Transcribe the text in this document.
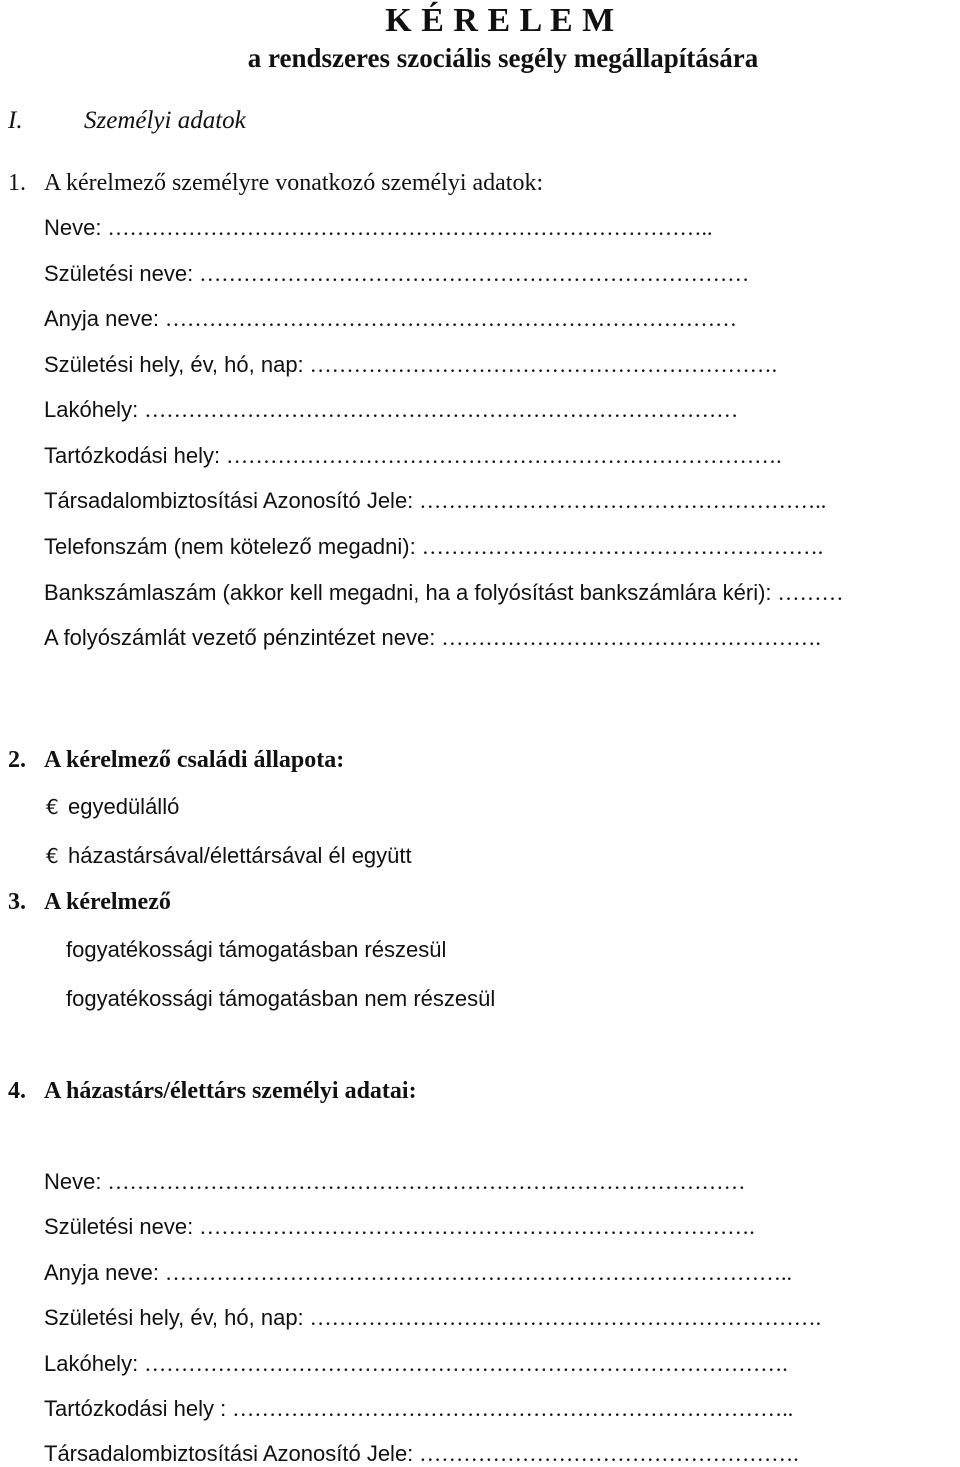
K É R E L E M
a rendszeres szociális segély megállapítására
I. Személyi adatok
1. A kérelmező személyre vonatkozó személyi adatok:
Neve: ………………………………………………………………………..
Születési neve: …………………………………………………………………
Anyja neve: ……………………………………………………………………
Születési hely, év, hó, nap: ……………………………………………………….
Lakóhely: ………………………………………………………………………
Tartózkodási hely: ………………………………………………………………….
Társadalombiztosítási Azonosító Jele: ………………………………………………..
Telefonszám (nem kötelező megadni): ……………………………………………….
Bankszámlaszám (akkor kell megadni, ha a folyósítást bankszámlára kéri): ………
A folyószámlát vezető pénzintézet neve: …………………………………………….
2. A kérelmező családi állapota:
€ egyedülálló
€ házastársával/élettársával él együtt
3. A kérelmező
fogyatékossági támogatásban részesül
fogyatékossági támogatásban nem részesül
4. A házastárs/élettárs személyi adatai:
Neve: ……………………………………………………………………………
Születési neve: ………………………………………………………………….
Anyja neve: …………………………………………………………………………..
Születési hely, év, hó, nap: …………………………………………………………….
Lakóhely: …………………………………………………………………………….
Tartózkodási hely : …………………………………………………………………..
Társadalombiztosítási Azonosító Jele: …………………………………………….
